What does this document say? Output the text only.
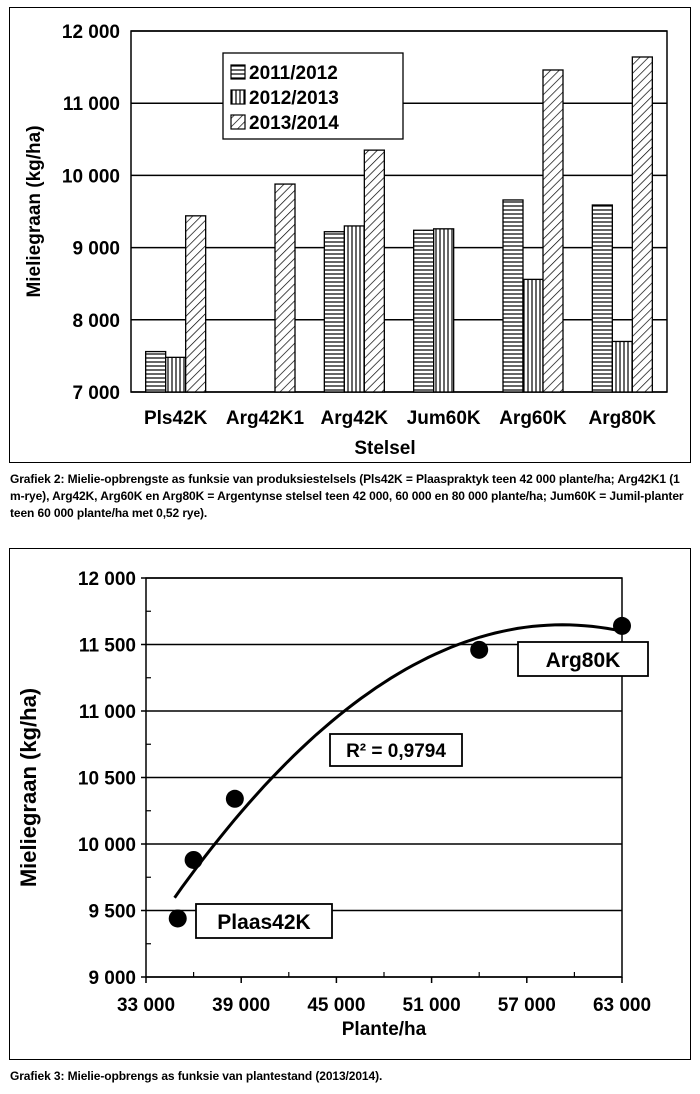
7 000
8 000
9 000
10 000
11 000
12 000
Pls42K Arg42K1 Arg42K Jum60K Arg60K Arg80K
Stelsel
Mieliegraan (kg/ha)
2011/2012
2012/2013
2013/2014
Grafiek 2: Mielie-opbrengste as funksie van produksiestelsels (Pls42K = Plaaspraktyk teen 42 000 plante/ha; Arg42K1 (1 m-rye), Arg42K, Arg60K en Arg80K = Argentynse stelsel teen 42 000, 60 000 en 80 000 plante/ha; Jum60K = Jumil-planter teen 60 000 plante/ha met 0,52 rye).
9 000
9 500
10 000
10 500
11 000
11 500
12 000
33 000 39 000 45 000 51 000 57 000 63 000
R² = 0,9794
Plaas42K
Arg80K
Plante/ha
Mieliegraan (kg/ha)
Grafiek 3: Mielie-opbrengs as funksie van plantestand (2013/2014).
